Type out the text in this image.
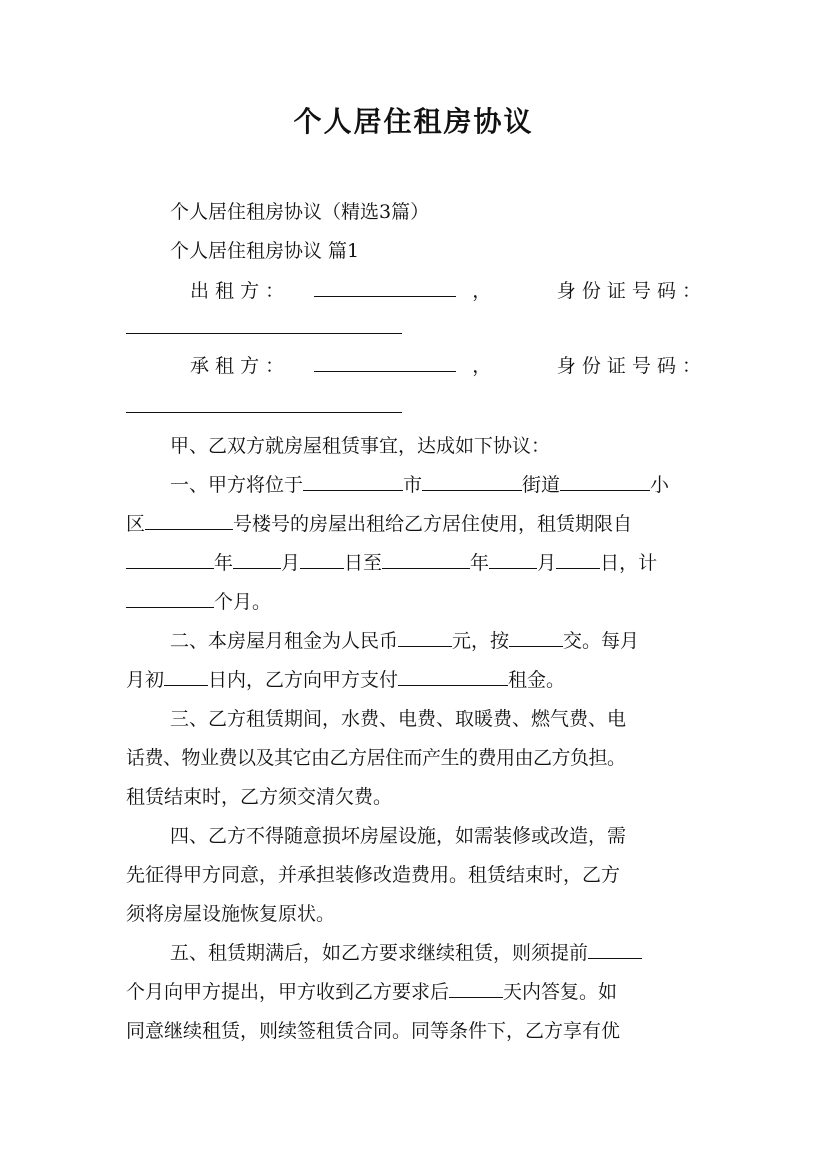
个人居住租房协议
个人居住租房协议（精选3篇）
个人居住租房协议 篇1
出 租 方 ：	，	身 份 证 号 码 ：
承 租 方 ：	，	身 份 证 号 码 ：
甲、乙双方就房屋租赁事宜，达成如下协议：
一、甲方将位于	市	街道	小
区	号楼号的房屋出租给乙方居住使用，租赁期限自
年	月 日至	年	月 日，计
个月。
二、本房屋月租金为人民币	元，按	交。每月
月初 日内，乙方向甲方支付	租金。
三、乙方租赁期间，水费、电费、取暖费、燃气费、电
话费、物业费以及其它由乙方居住而产生的费用由乙方负担。
租赁结束时，乙方须交清欠费。
四、乙方不得随意损坏房屋设施，如需装修或改造，需
先征得甲方同意，并承担装修改造费用。租赁结束时，乙方
须将房屋设施恢复原状。
五、租赁期满后，如乙方要求继续租赁，则须提前
个月向甲方提出，甲方收到乙方要求后	天内答复。如
同意继续租赁，则续签租赁合同。同等条件下，乙方享有优
